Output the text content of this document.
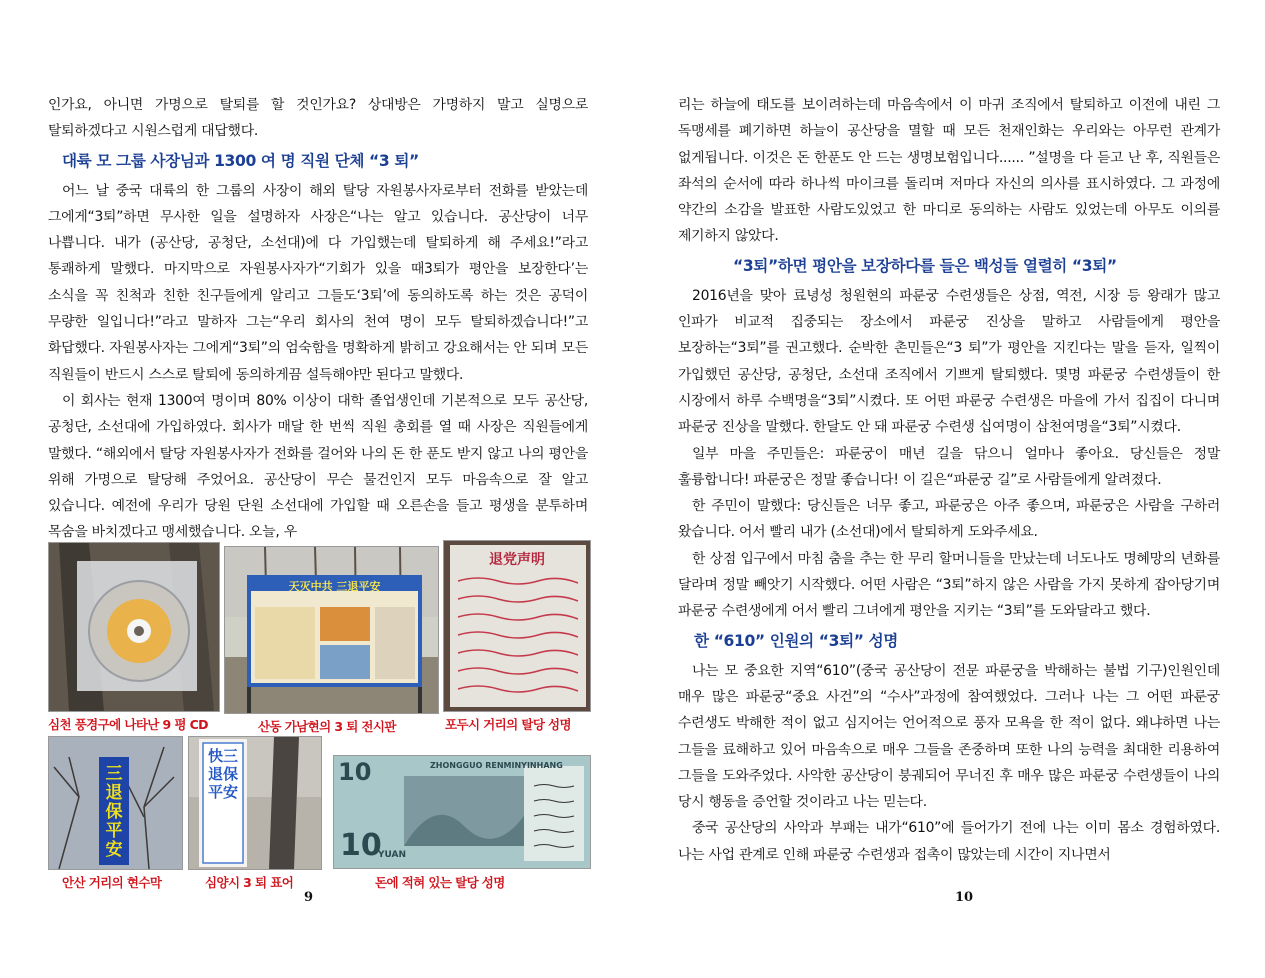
인가요, 아니면 가명으로 탈퇴를 할 것인가요? 상대방은 가명하지 말고 실명으로 탈퇴하겠다고 시원스럽게 대답했다.

대륙 모 그룹 사장님과 1300 여 명 직원 단체 “3 퇴”

어느 날 중국 대륙의 한 그룹의 사장이 해외 탈당 자원봉사자로부터 전화를 받았는데 그에게“3퇴”하면 무사한 일을 설명하자 사장은“나는 알고 있습니다. 공산당이 너무 나쁩니다. 내가 (공산당, 공청단, 소선대)에 다 가입했는데 탈퇴하게 해 주세요!”라고 통쾌하게 말했다. 마지막으로 자원봉사자가“기회가 있을 때3퇴가 평안을 보장한다’는 소식을 꼭 친척과 친한 친구들에게 알리고 그들도‘3퇴’에 동의하도록 하는 것은 공덕이 무량한 일입니다!”라고 말하자 그는“우리 회사의 천여 명이 모두 탈퇴하겠습니다!”고 화답했다. 자원봉사자는 그에게“3퇴”의 엄숙함을 명확하게 밝히고 강요해서는 안 되며 모든 직원들이 반드시 스스로 탈퇴에 동의하게끔 설득해야만 된다고 말했다.

이 회사는 현재 1300여 명이며 80% 이상이 대학 졸업생인데 기본적으로 모두 공산당, 공청단, 소선대에 가입하였다. 회사가 매달 한 번씩 직원 총회를 열 때 사장은 직원들에게 말했다. “해외에서 탈당 자원봉사자가 전화를 걸어와 나의 돈 한 푼도 받지 않고 나의 평안을 위해 가명으로 탈당해 주었어요. 공산당이 무슨 물건인지 모두 마음속으로 잘 알고 있습니다. 예전에 우리가 당원 단원 소선대에 가입할 때 오른손을 들고 평생을 분투하며 목숨을 바치겠다고 맹세했습니다. 오늘, 우

심천 풍경구에 나타난 9 평 CD
天灭中共 三退平安
산동 가남현의 3 퇴 전시판
退党声明
포두시 거리의 탈당 성명
三退保平安
안산 거리의 현수막
快三退保平安
심양시 3 퇴 표어
10	ZHONGGUO RENMINYINHANG
10
YUAN
돈에 적혀 있는 탈당 성명
9

리는 하늘에 태도를 보이려하는데 마음속에서 이 마귀 조직에서 탈퇴하고 이전에 내린 그 독맹세를 폐기하면 하늘이 공산당을 멸할 때 모든 천재인화는 우리와는 아무런 관계가 없게됩니다. 이것은 돈 한푼도 안 드는 생명보험입니다...... ”설명을 다 듣고 난 후, 직원들은 좌석의 순서에 따라 하나씩 마이크를 돌리며 저마다 자신의 의사를 표시하였다. 그 과정에 약간의 소감을 발표한 사람도있었고 한 마디로 동의하는 사람도 있었는데 아무도 이의를 제기하지 않았다.

“3퇴”하면 평안을 보장하다를 들은 백성들 열렬히 “3퇴”

2016년을 맞아 료녕성 청원현의 파룬궁 수련생들은 상점, 역전, 시장 등 왕래가 많고 인파가 비교적 집중되는 장소에서 파룬궁 진상을 말하고 사람들에게 평안을 보장하는“3퇴”를 권고했다. 순박한 촌민들은“3 퇴”가 평안을 지킨다는 말을 듣자, 일찍이 가입했던 공산당, 공청단, 소선대 조직에서 기쁘게 탈퇴했다. 몇명 파룬궁 수련생들이 한 시장에서 하루 수백명을“3퇴”시켰다. 또 어떤 파룬궁 수련생은 마을에 가서 집집이 다니며 파룬궁 진상을 말했다. 한달도 안 돼 파룬궁 수련생 십여명이 삼천여명을“3퇴”시켰다.

일부 마을 주민들은: 파룬궁이 매년 길을 닦으니 얼마나 좋아요. 당신들은 정말 훌륭합니다! 파룬궁은 정말 좋습니다! 이 길은“파룬궁 길”로 사람들에게 알려졌다.

한 주민이 말했다: 당신들은 너무 좋고, 파룬궁은 아주 좋으며, 파룬궁은 사람을 구하러 왔습니다. 어서 빨리 내가 (소선대)에서 탈퇴하게 도와주세요.

한 상점 입구에서 마침 춤을 추는 한 무리 할머니들을 만났는데 너도나도 명혜망의 년화를 달라며 정말 빼앗기 시작했다. 어떤 사람은 “3퇴”하지 않은 사람을 가지 못하게 잡아당기며 파룬궁 수련생에게 어서 빨리 그녀에게 평안을 지키는 “3퇴”를 도와달라고 했다.

한 “610” 인원의 “3퇴” 성명

나는 모 중요한 지역“610”(중국 공산당이 전문 파룬궁을 박해하는 불법 기구)인원인데 매우 많은 파룬궁“중요 사건”의 “수사”과정에 참여했었다. 그러나 나는 그 어떤 파룬궁 수련생도 박해한 적이 없고 심지어는 언어적으로 풍자 모욕을 한 적이 없다. 왜냐하면 나는 그들을 료해하고 있어 마음속으로 매우 그들을 존중하며 또한 나의 능력을 최대한 리용하여 그들을 도와주었다. 사악한 공산당이 붕궤되어 무너진 후 매우 많은 파룬궁 수련생들이 나의 당시 행동을 증언할 것이라고 나는 믿는다.

중국 공산당의 사악과 부패는 내가“610”에 들어가기 전에 나는 이미 몸소 경험하였다. 나는 사업 관계로 인해 파룬궁 수련생과 접촉이 많았는데 시간이 지나면서

10
